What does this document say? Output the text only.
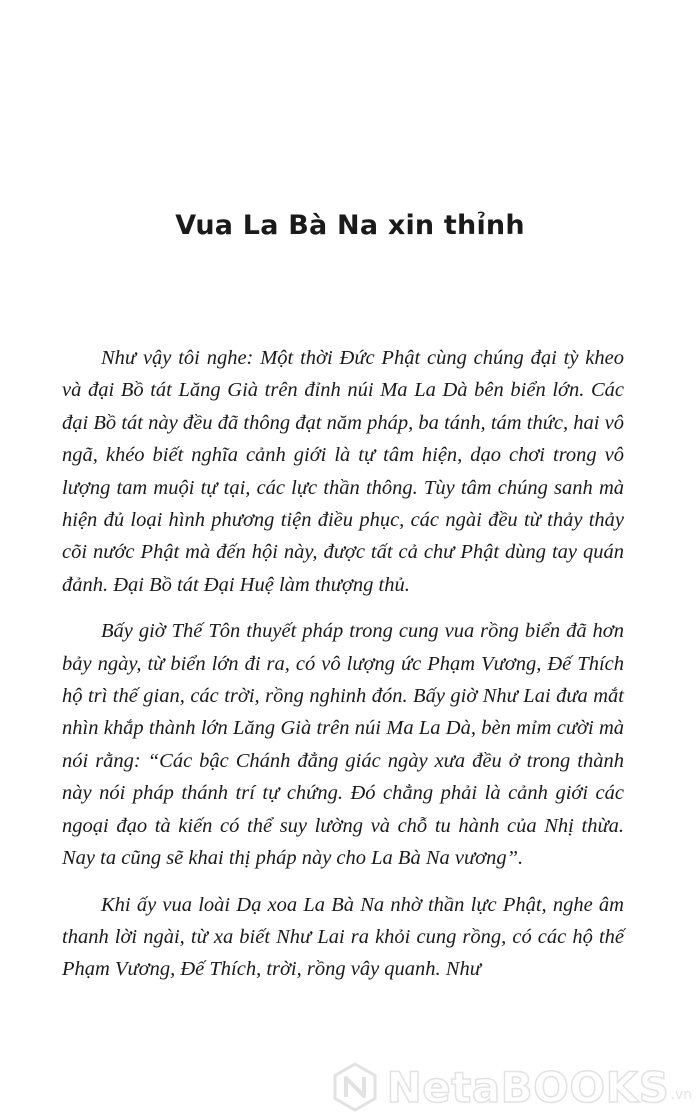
Vua La Bà Na xin thỉnh

Như vậy tôi nghe: Một thời Đức Phật cùng chúng đại tỳ kheo và đại Bồ tát Lăng Già trên đỉnh núi Ma La Dà bên biển lớn. Các đại Bồ tát này đều đã thông đạt năm pháp, ba tánh, tám thức, hai vô ngã, khéo biết nghĩa cảnh giới là tự tâm hiện, dạo chơi trong vô lượng tam muội tự tại, các lực thần thông. Tùy tâm chúng sanh mà hiện đủ loại hình phương tiện điều phục, các ngài đều từ thảy thảy cõi nước Phật mà đến hội này, được tất cả chư Phật dùng tay quán đảnh. Đại Bồ tát Đại Huệ làm thượng thủ.

Bấy giờ Thế Tôn thuyết pháp trong cung vua rồng biển đã hơn bảy ngày, từ biển lớn đi ra, có vô lượng ức Phạm Vương, Đế Thích hộ trì thế gian, các trời, rồng nghinh đón. Bấy giờ Như Lai đưa mắt nhìn khắp thành lớn Lăng Già trên núi Ma La Dà, bèn mỉm cười mà nói rằng: “Các bậc Chánh đẳng giác ngày xưa đều ở trong thành này nói pháp thánh trí tự chứng. Đó chẳng phải là cảnh giới các ngoại đạo tà kiến có thể suy lường và chỗ tu hành của Nhị thừa. Nay ta cũng sẽ khai thị pháp này cho La Bà Na vương”.

Khi ấy vua loài Dạ xoa La Bà Na nhờ thần lực Phật, nghe âm thanh lời ngài, từ xa biết Như Lai ra khỏi cung rồng, có các hộ thế Phạm Vương, Đế Thích, trời, rồng vây quanh. Như

NetaBOOKS .vn
